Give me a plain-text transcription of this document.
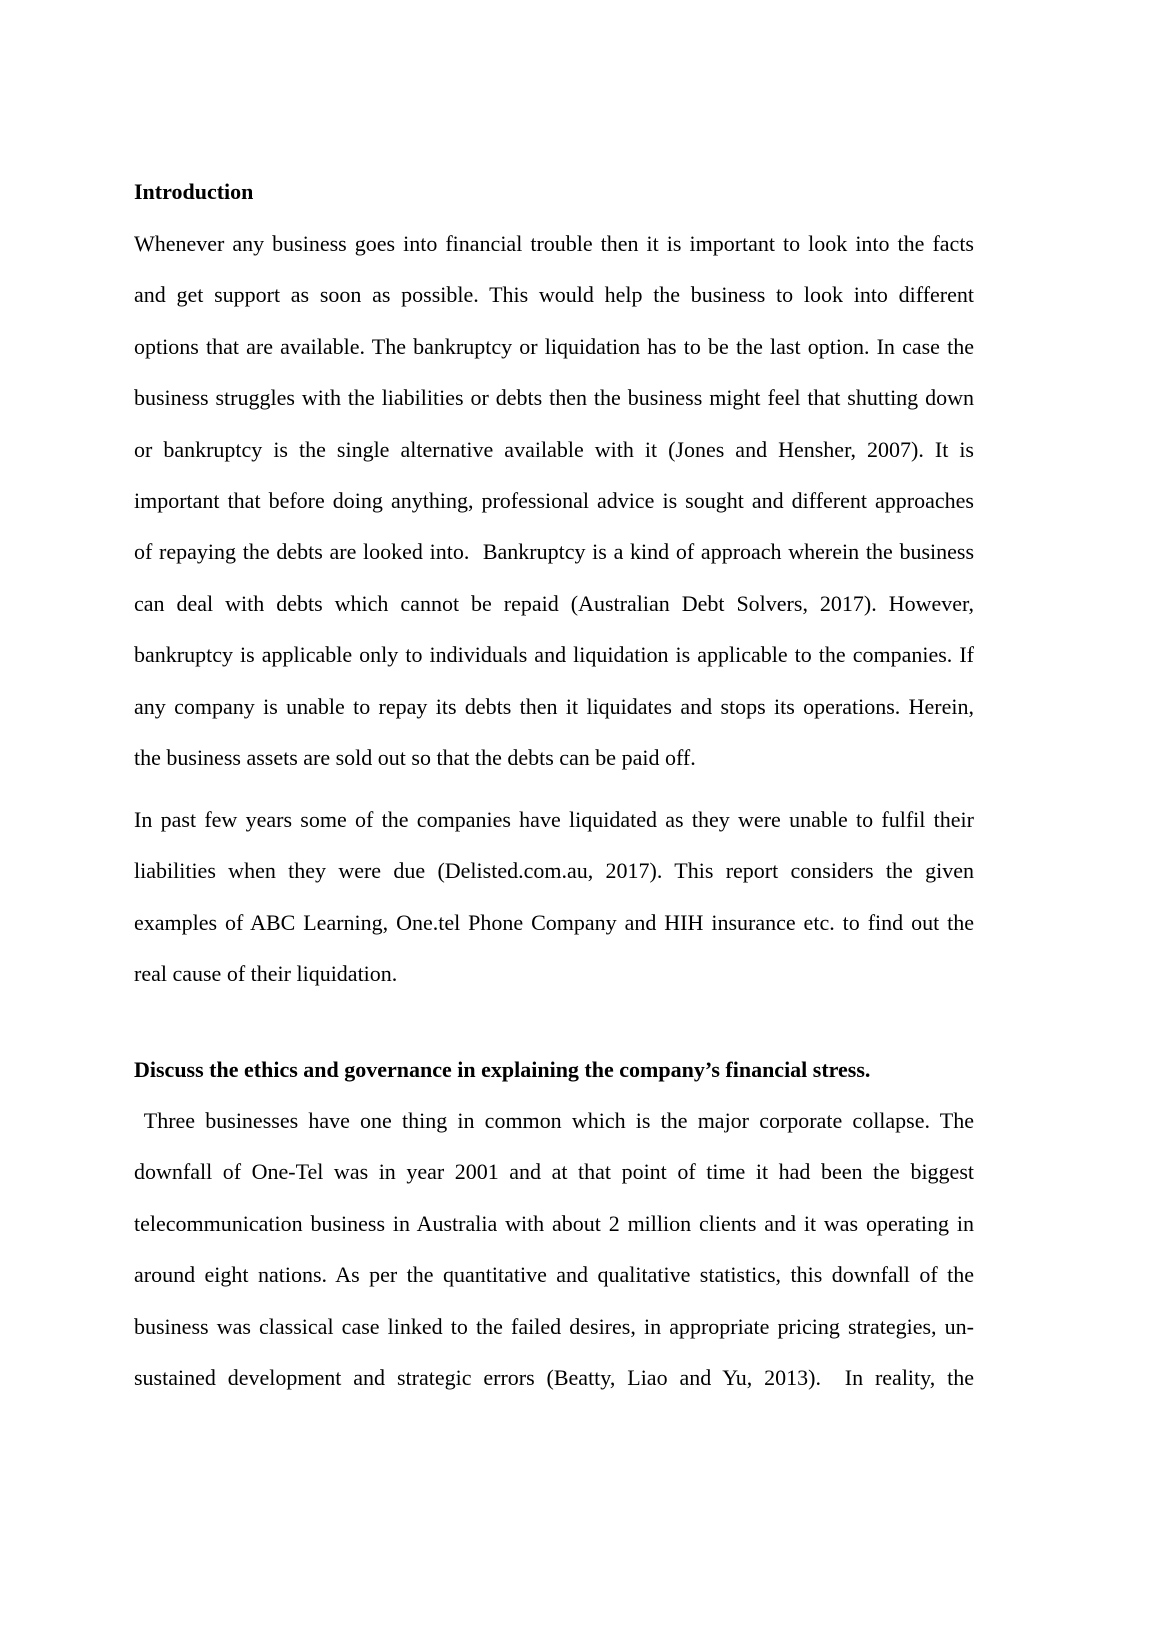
Introduction
Whenever any business goes into financial trouble then it is important to look into the facts
and get support as soon as possible. This would help the business to look into different
options that are available. The bankruptcy or liquidation has to be the last option. In case the
business struggles with the liabilities or debts then the business might feel that shutting down
or bankruptcy is the single alternative available with it (Jones and Hensher, 2007). It is
important that before doing anything, professional advice is sought and different approaches
of repaying the debts are looked into.  Bankruptcy is a kind of approach wherein the business
can deal with debts which cannot be repaid (Australian Debt Solvers, 2017). However,
bankruptcy is applicable only to individuals and liquidation is applicable to the companies. If
any company is unable to repay its debts then it liquidates and stops its operations. Herein,
the business assets are sold out so that the debts can be paid off.
In past few years some of the companies have liquidated as they were unable to fulfil their
liabilities when they were due (Delisted.com.au, 2017). This report considers the given
examples of ABC Learning, One.tel Phone Company and HIH insurance etc. to find out the
real cause of their liquidation.
Discuss the ethics and governance in explaining the company’s financial stress.
Three businesses have one thing in common which is the major corporate collapse. The
downfall of One-Tel was in year 2001 and at that point of time it had been the biggest
telecommunication business in Australia with about 2 million clients and it was operating in
around eight nations. As per the quantitative and qualitative statistics, this downfall of the
business was classical case linked to the failed desires, in appropriate pricing strategies, un-
sustained development and strategic errors (Beatty, Liao and Yu, 2013).  In reality, the
